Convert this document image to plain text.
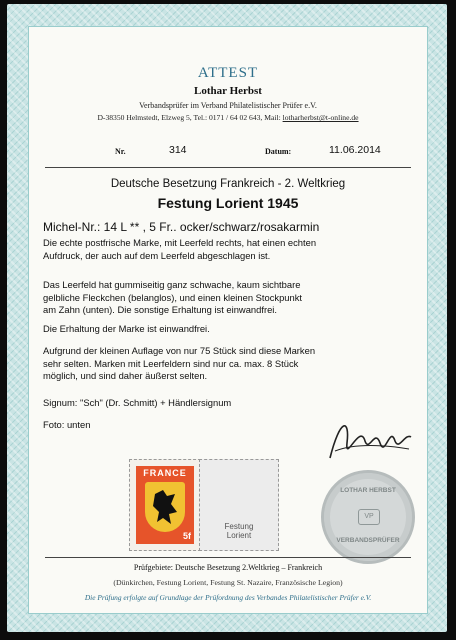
ATTEST
Lothar Herbst
Verbandsprüfer im Verband Philatelistischer Prüfer e.V.
D-38350 Helmstedt, Elzweg 5, Tel.: 0171 / 64 02 643, Mail: lotharherbst@t-online.de
Nr.	314	Datum:	11.06.2014
Deutsche Besetzung Frankreich - 2. Weltkrieg
Festung Lorient 1945
Michel-Nr.: 14 L ** , 5 Fr.. ocker/schwarz/rosakarmin
Die echte postfrische Marke, mit Leerfeld rechts, hat einen echten
Aufdruck, der auch auf dem Leerfeld abgeschlagen ist.
Das Leerfeld hat gummiseitig ganz schwache, kaum sichtbare
gelbliche Fleckchen (belanglos), und einen kleinen Stockpunkt
am Zahn (unten). Die sonstige Erhaltung ist einwandfrei.
Die Erhaltung der Marke ist einwandfrei.
Aufgrund der kleinen Auflage von nur 75 Stück sind diese Marken
sehr selten. Marken mit Leerfeldern sind nur ca. max. 8 Stück
möglich, und sind daher äußerst selten.
Signum: "Sch" (Dr. Schmitt) + Händlersignum
Foto: unten
FRANCE
5f
Festung
Lorient
LOTHAR HERBST
VP
VERBANDSPRÜFER
Prüfgebiete: Deutsche Besetzung 2.Weltkrieg – Frankreich
(Dünkirchen, Festung Lorient, Festung St. Nazaire, Französische Legion)
Die Prüfung erfolgte auf Grundlage der Prüfordnung des Verbandes Philatelistischer Prüfer e.V.
